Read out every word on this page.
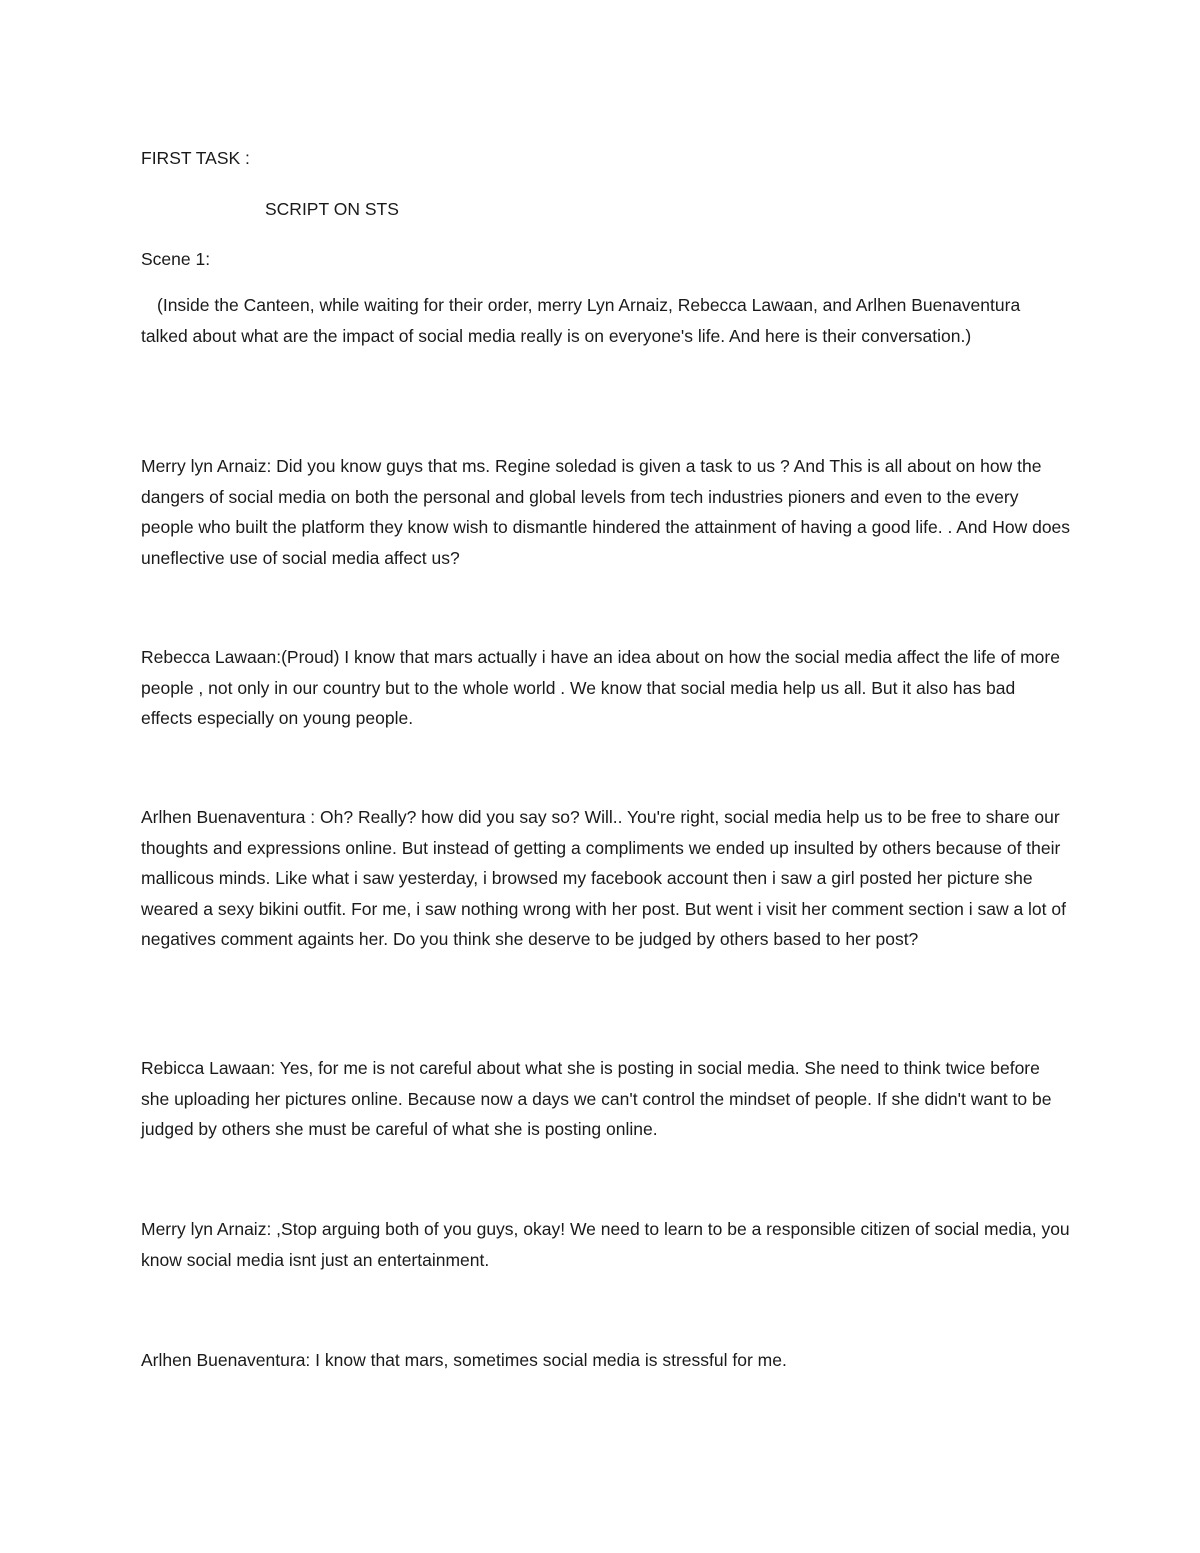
FIRST TASK :

SCRIPT ON STS

Scene 1:

(Inside the Canteen, while waiting for their order, merry Lyn Arnaiz, Rebecca Lawaan, and Arlhen Buenaventura talked about what are the impact of social media really is on everyone's life. And here is their conversation.)

Merry lyn Arnaiz: Did you know guys that ms. Regine soledad is given a task to us ? And This is all about on how the dangers of social media on both the personal and global levels from tech industries pioners and even to the every people who built the platform they know wish to dismantle hindered the attainment of having a good life. . And How does uneflective use of social media affect us?

Rebecca Lawaan:(Proud) I know that mars actually i have an idea about on how the social media affect the life of more people , not only in our country but to the whole world . We know that social media help us all. But it also has bad effects especially on young people.

Arlhen Buenaventura : Oh? Really? how did you say so? Will.. You're right, social media help us to be free to share our thoughts and expressions online. But instead of getting a compliments we ended up insulted by others because of their mallicous minds. Like what i saw yesterday, i browsed my facebook account then i saw a girl posted her picture she weared a sexy bikini outfit. For me, i saw nothing wrong with her post. But went i visit her comment section i saw a lot of negatives comment againts her. Do you think she deserve to be judged by others based to her post?

Rebicca Lawaan: Yes, for me is not careful about what she is posting in social media. She need to think twice before she uploading her pictures online. Because now a days we can't control the mindset of people. If she didn't want to be judged by others she must be careful of what she is posting online.

Merry lyn Arnaiz: ,Stop arguing both of you guys, okay! We need to learn to be a responsible citizen of social media, you know social media isnt just an entertainment.

Arlhen Buenaventura: I know that mars, sometimes social media is stressful for me.
